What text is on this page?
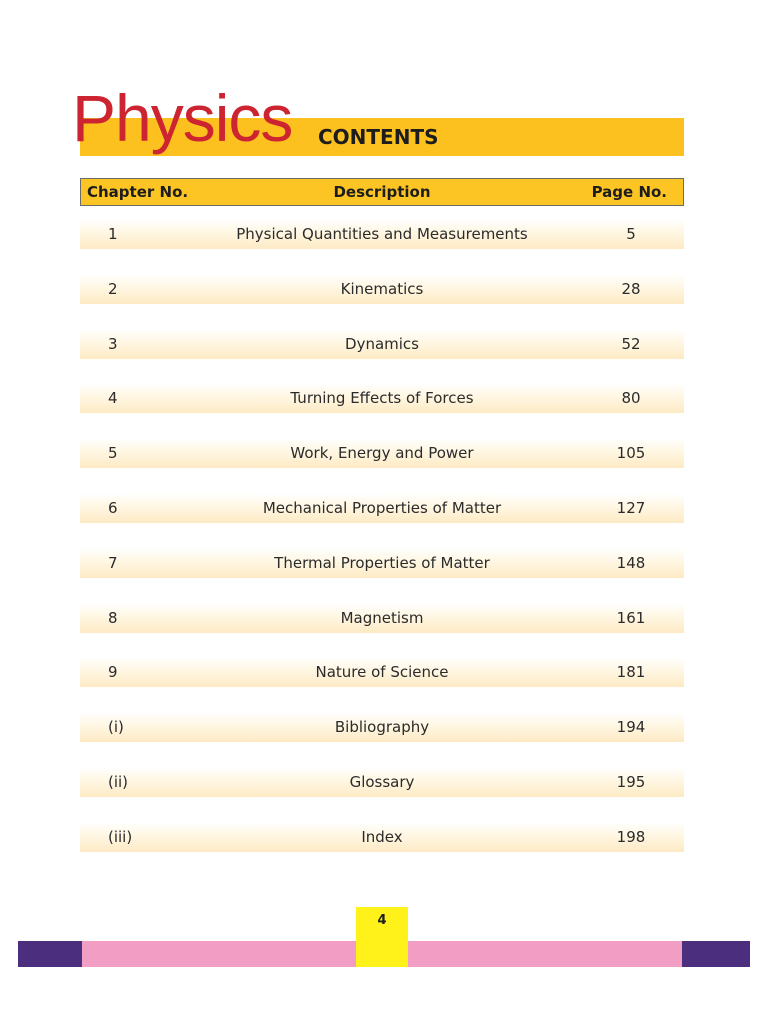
Physics CONTENTS
Chapter No.	Description	Page No.
1	Physical Quantities and Measurements	5
2	Kinematics	28
3	Dynamics	52
4	Turning Effects of Forces	80
5	Work, Energy and Power	105
6	Mechanical Properties of Matter	127
7	Thermal Properties of Matter	148
8	Magnetism	161
9	Nature of Science	181
(i)	Bibliography	194
(ii)	Glossary	195
(iii)	Index	198
4
